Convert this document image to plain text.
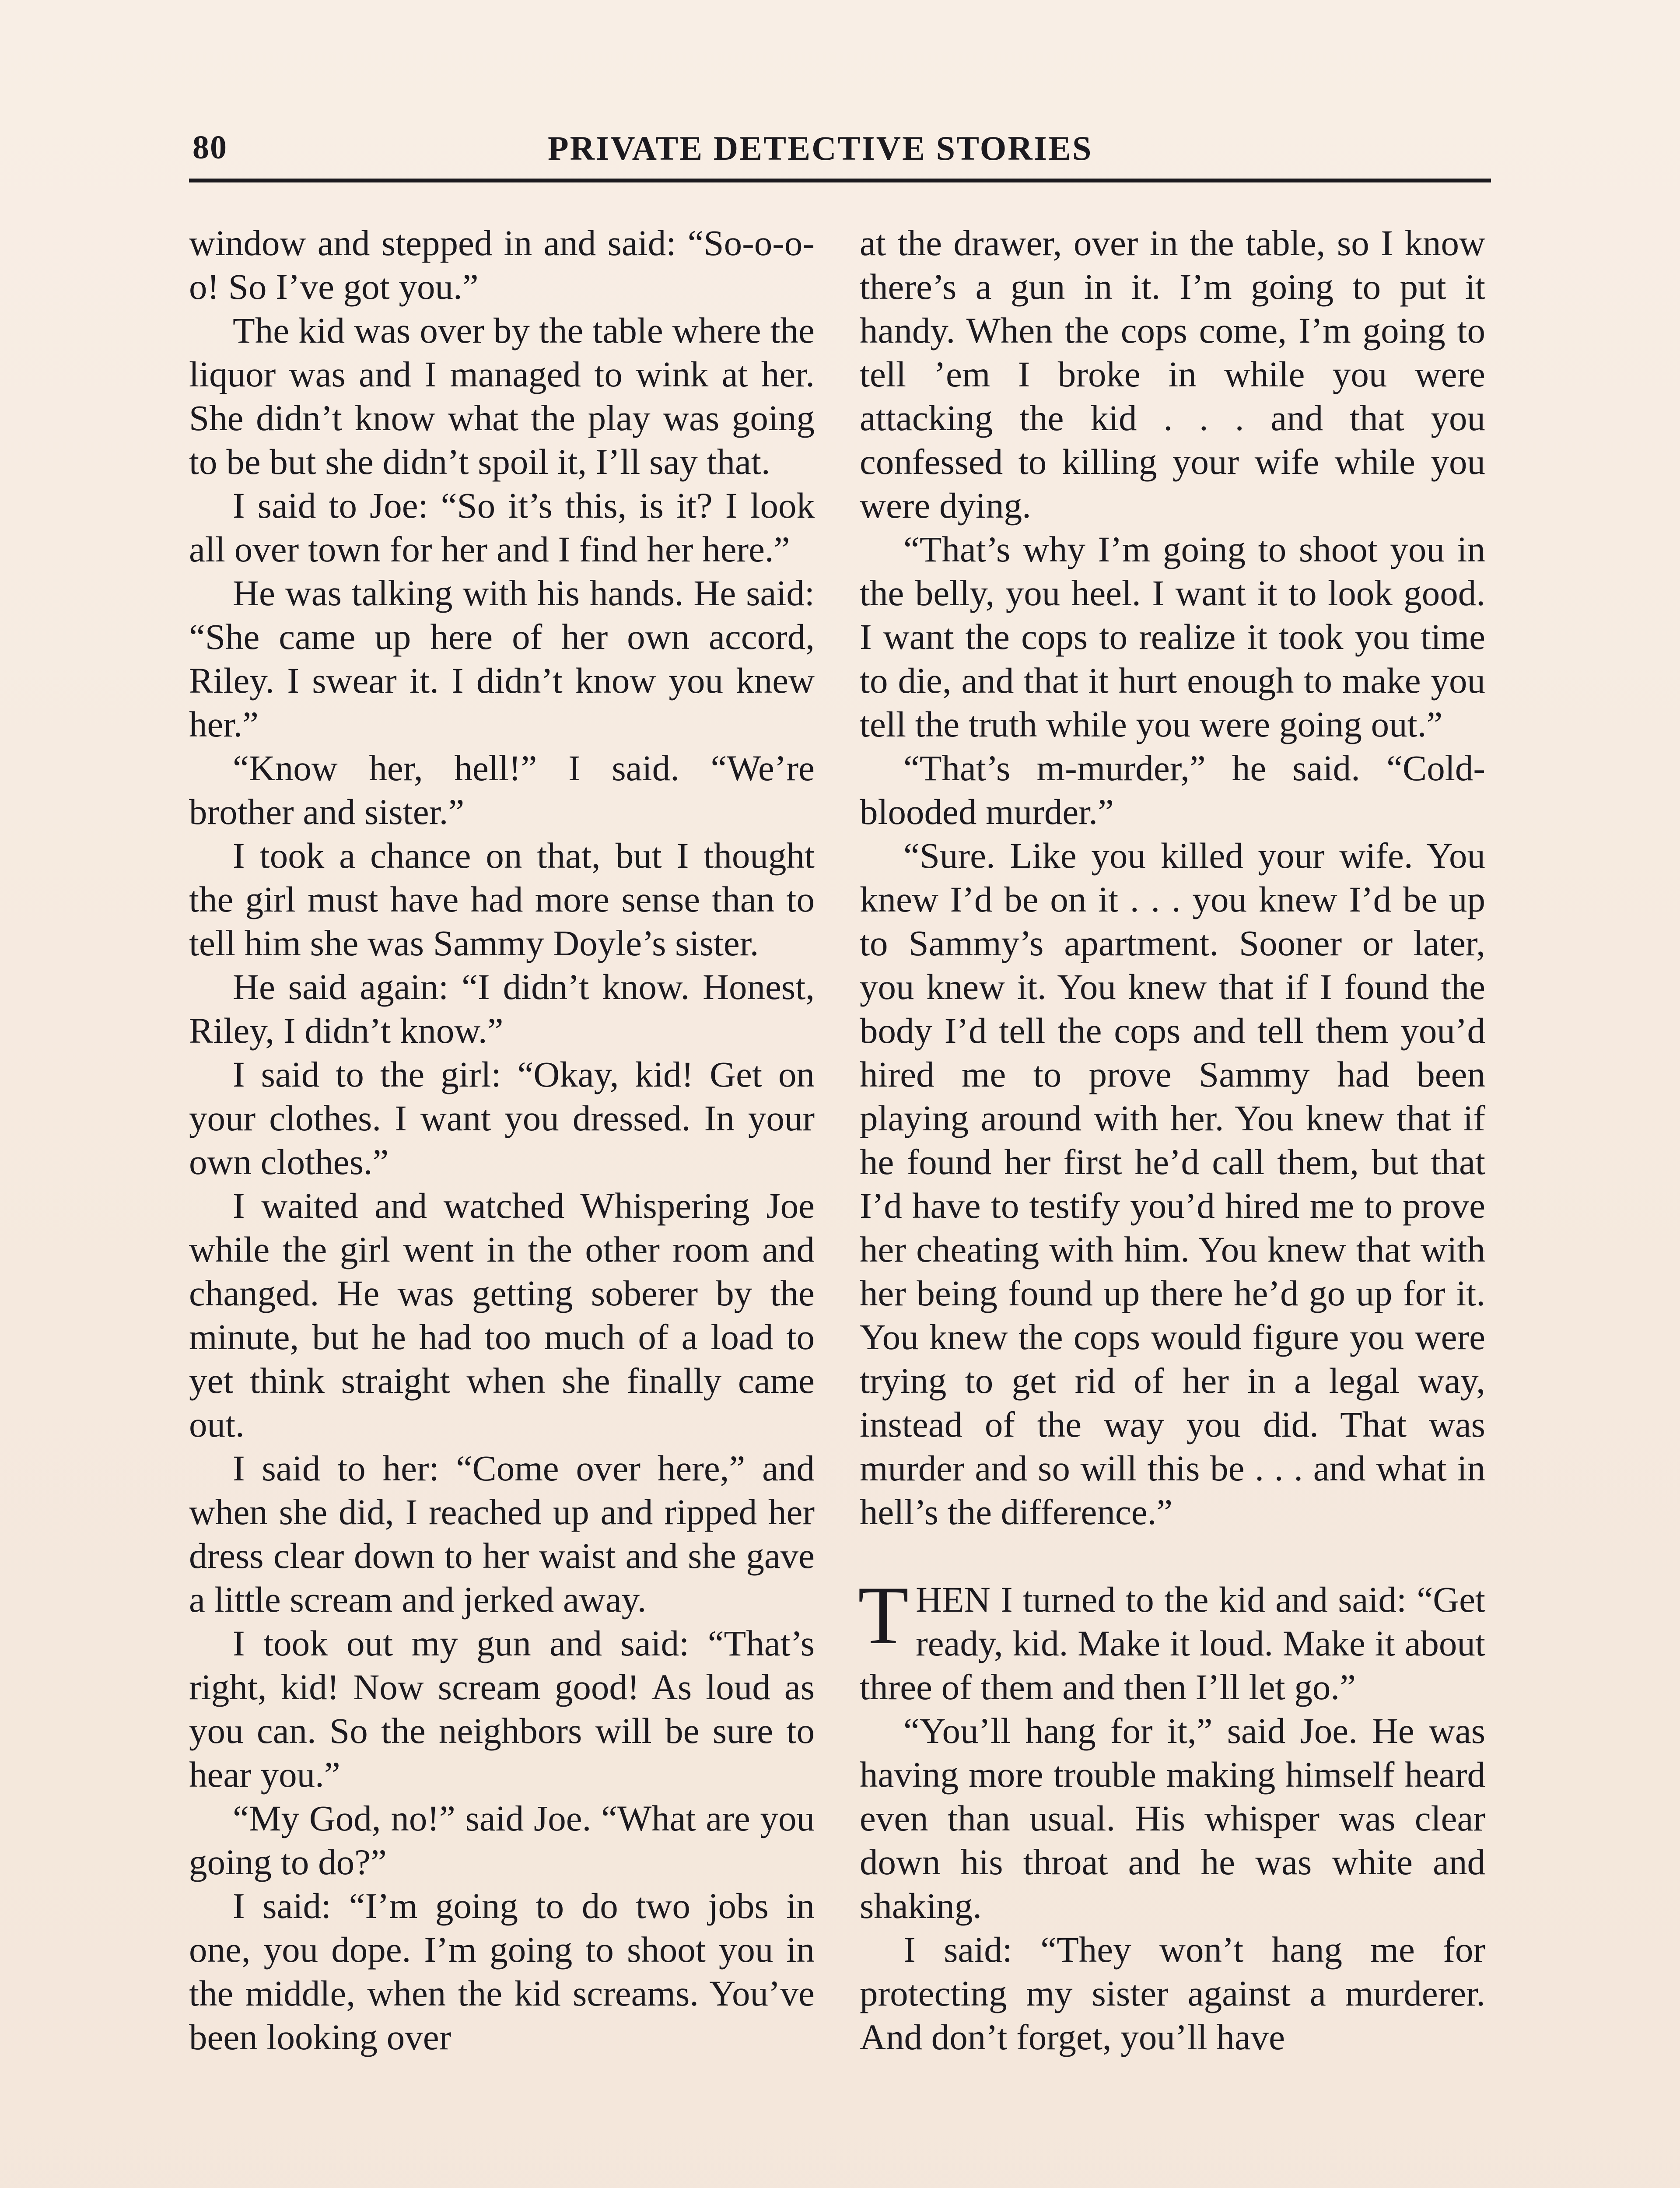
80	PRIVATE DETECTIVE STORIES

window and stepped in and said: “So-o-o-o! So I’ve got you.”

The kid was over by the table where the liquor was and I managed to wink at her. She didn’t know what the play was going to be but she didn’t spoil it, I’ll say that.

I said to Joe: “So it’s this, is it? I look all over town for her and I find her here.”

He was talking with his hands. He said: “She came up here of her own accord, Riley. I swear it. I didn’t know you knew her.”

“Know her, hell!” I said. “We’re brother and sister.”

I took a chance on that, but I thought the girl must have had more sense than to tell him she was Sammy Doyle’s sister.

He said again: “I didn’t know. Honest, Riley, I didn’t know.”

I said to the girl: “Okay, kid! Get on your clothes. I want you dressed. In your own clothes.”

I waited and watched Whispering Joe while the girl went in the other room and changed. He was getting soberer by the minute, but he had too much of a load to yet think straight when she finally came out.

I said to her: “Come over here,” and when she did, I reached up and ripped her dress clear down to her waist and she gave a little scream and jerked away.

I took out my gun and said: “That’s right, kid! Now scream good! As loud as you can. So the neighbors will be sure to hear you.”

“My God, no!” said Joe. “What are you going to do?”

I said: “I’m going to do two jobs in one, you dope. I’m going to shoot you in the middle, when the kid screams. You’ve been looking over

at the drawer, over in the table, so I know there’s a gun in it. I’m going to put it handy. When the cops come, I’m going to tell ’em I broke in while you were attacking the kid . . . and that you confessed to killing your wife while you were dying.

“That’s why I’m going to shoot you in the belly, you heel. I want it to look good. I want the cops to realize it took you time to die, and that it hurt enough to make you tell the truth while you were going out.”

“That’s m-murder,” he said. “Cold-blooded murder.”

“Sure. Like you killed your wife. You knew I’d be on it . . . you knew I’d be up to Sammy’s apartment. Sooner or later, you knew it. You knew that if I found the body I’d tell the cops and tell them you’d hired me to prove Sammy had been playing around with her. You knew that if he found her first he’d call them, but that I’d have to testify you’d hired me to prove her cheating with him. You knew that with her being found up there he’d go up for it. You knew the cops would figure you were trying to get rid of her in a legal way, instead of the way you did. That was murder and so will this be . . . and what in hell’s the difference.”

THEN I turned to the kid and said: “Get ready, kid. Make it loud. Make it about three of them and then I’ll let go.”

“You’ll hang for it,” said Joe. He was having more trouble making himself heard even than usual. His whisper was clear down his throat and he was white and shaking.

I said: “They won’t hang me for protecting my sister against a murderer. And don’t forget, you’ll have
